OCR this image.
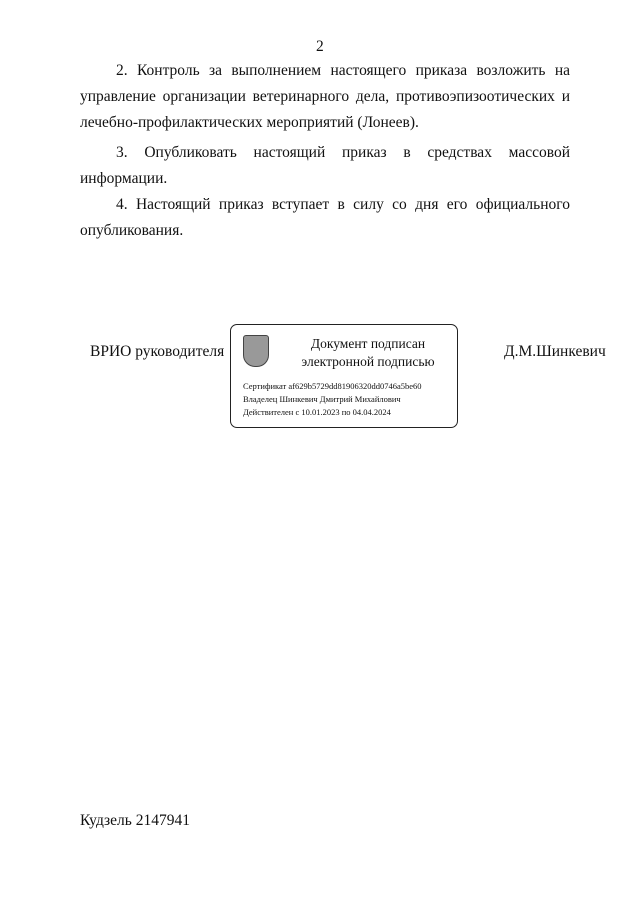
2
2. Контроль за выполнением настоящего приказа возложить на управление организации ветеринарного дела, противоэпизоотических и лечебно-профилактических мероприятий (Лонеев).
3. Опубликовать настоящий приказ в средствах массовой информации.
4. Настоящий приказ вступает в силу со дня его официального опубликования.
ВРИО руководителя	Документ подписан электронной подписью
Сертификат af629b5729dd81906320dd0746a5be60
Владелец Шинкевич Дмитрий Михайлович
Действителен с 10.01.2023 по 04.04.2024
Д.М.Шинкевич
Кудзель 2147941
